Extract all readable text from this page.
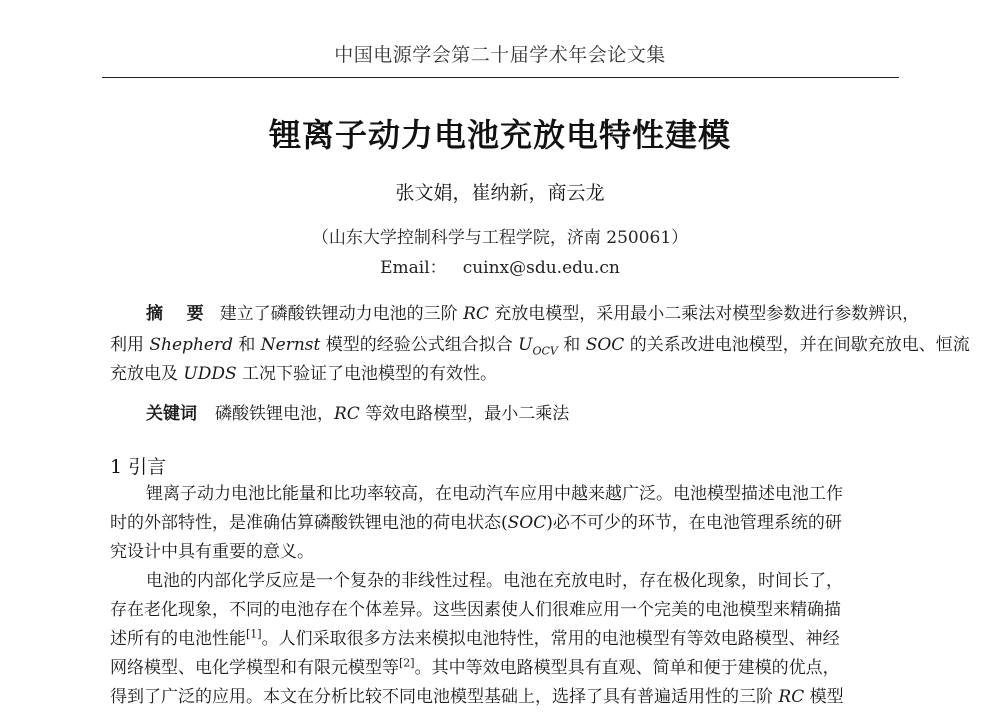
中国电源学会第二十届学术年会论文集
锂离子动力电池充放电特性建模
张文娟，崔纳新，商云龙
（山东大学控制科学与工程学院，济南 250061）
Email： cuinx@sdu.edu.cn
摘    要 建立了磷酸铁锂动力电池的三阶 RC 充放电模型，采用最小二乘法对模型参数进行参数辨识，
利用 Shepherd 和 Nernst 模型的经验公式组合拟合 $U_{OCV}$ 和 SOC 的关系改进电池模型，并在间歇充放电、恒流
充放电及 UDDS 工况下验证了电池模型的有效性。
关键词 磷酸铁锂电池，RC 等效电路模型，最小二乘法
1 引言
锂离子动力电池比能量和比功率较高，在电动汽车应用中越来越广泛。电池模型描述电池工作
时的外部特性，是准确估算磷酸铁锂电池的荷电状态(SOC)必不可少的环节，在电池管理系统的研
究设计中具有重要的意义。
电池的内部化学反应是一个复杂的非线性过程。电池在充放电时，存在极化现象，时间长了，
存在老化现象，不同的电池存在个体差异。这些因素使人们很难应用一个完美的电池模型来精确描
述所有的电池性能[1]。人们采取很多方法来模拟电池特性，常用的电池模型有等效电路模型、神经
网络模型、电化学模型和有限元模型等[2]。其中等效电路模型具有直观、简单和便于建模的优点，
得到了广泛的应用。本文在分析比较不同电池模型基础上，选择了具有普遍适用性的三阶 RC 模型
